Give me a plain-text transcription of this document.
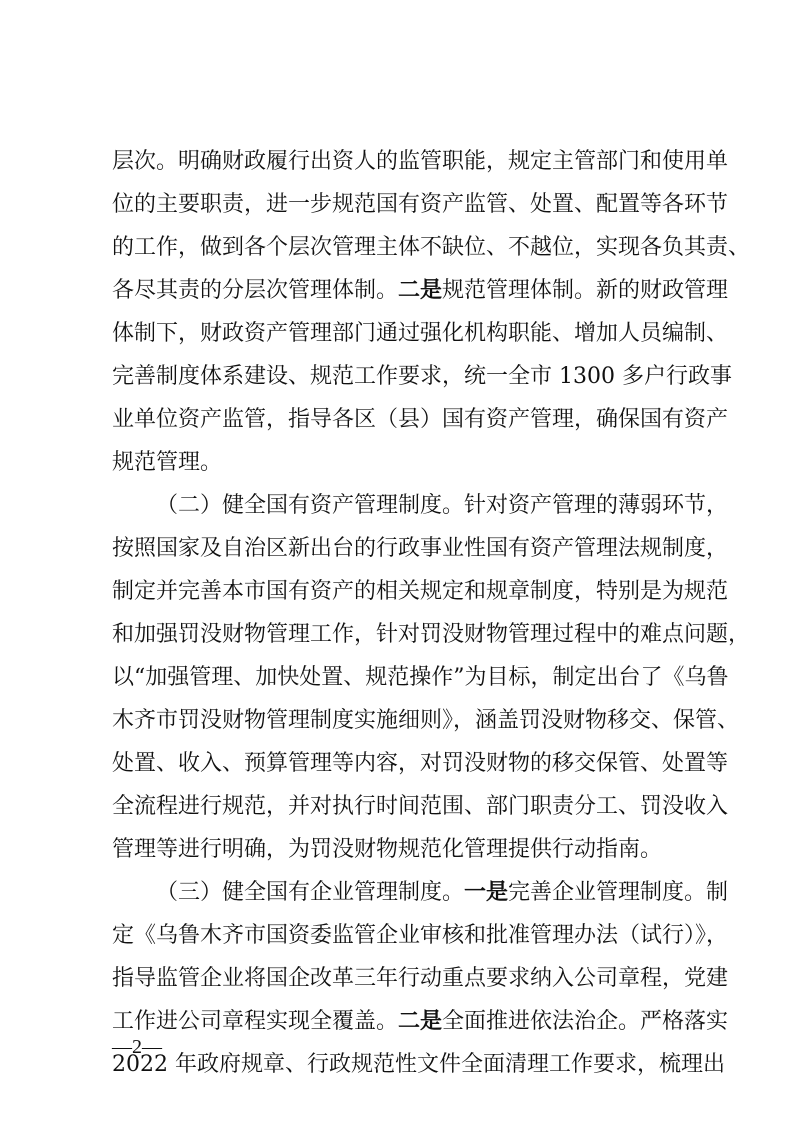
层次。明确财政履行出资人的监管职能，规定主管部门和使用单
位的主要职责，进一步规范国有资产监管、处置、配置等各环节
的工作，做到各个层次管理主体不缺位、不越位，实现各负其责、
各尽其责的分层次管理体制。二是规范管理体制。新的财政管理
体制下，财政资产管理部门通过强化机构职能、增加人员编制、
完善制度体系建设、规范工作要求，统一全市 1300 多户行政事
业单位资产监管，指导各区（县）国有资产管理，确保国有资产
规范管理。
（二）健全国有资产管理制度。针对资产管理的薄弱环节，
按照国家及自治区新出台的行政事业性国有资产管理法规制度，
制定并完善本市国有资产的相关规定和规章制度，特别是为规范
和加强罚没财物管理工作，针对罚没财物管理过程中的难点问题，
以“加强管理、加快处置、规范操作”为目标，制定出台了《乌鲁
木齐市罚没财物管理制度实施细则》，涵盖罚没财物移交、保管、
处置、收入、预算管理等内容，对罚没财物的移交保管、处置等
全流程进行规范，并对执行时间范围、部门职责分工、罚没收入
管理等进行明确，为罚没财物规范化管理提供行动指南。
（三）健全国有企业管理制度。一是完善企业管理制度。制
定《乌鲁木齐市国资委监管企业审核和批准管理办法（试行）》，
指导监管企业将国企改革三年行动重点要求纳入公司章程，党建
工作进公司章程实现全覆盖。二是全面推进依法治企。严格落实
2022 年政府规章、行政规范性文件全面清理工作要求，梳理出
—2—
